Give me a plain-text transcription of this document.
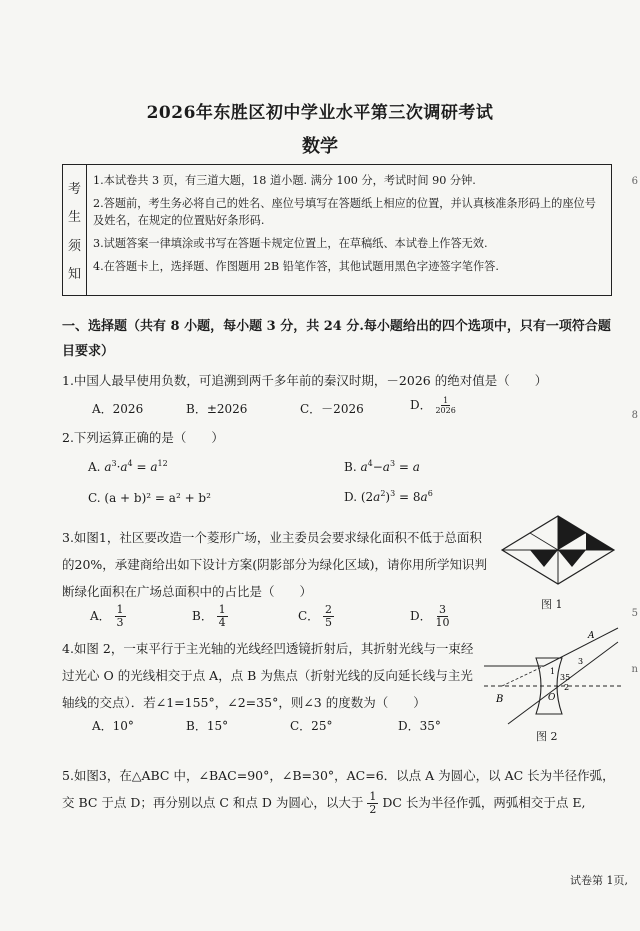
2026年东胜区初中学业水平第三次调研考试
数学
考
生
须
知
1.本试卷共 3 页，有三道大题，18 道小题. 满分 100 分，考试时间 90 分钟.
2.答题前，考生务必将自己的姓名、座位号填写在答题纸上相应的位置，并认真核准条形码上的座位号及姓名，在规定的位置贴好条形码.
3.试题答案一律填涂或书写在答题卡规定位置上，在草稿纸、本试卷上作答无效.
4.在答题卡上，选择题、作图题用 2B 铅笔作答，其他试题用黑色字迹签字笔作答.
一、选择题（共有 8 小题，每小题 3 分，共 24 分.每小题给出的四个选项中，只有一项符合题目要求）
1.中国人最早使用负数，可追溯到两千多年前的秦汉时期，－2026 的绝对值是（　　）
A．2026	B．±2026	C．－2026	D． $\frac{1}{2026}$
2.下列运算正确的是（　　）
A. $a^3\cdot a^4 = a^{12}$	B. $a^4-a^3 = a$
C. (a + b)² = a² + b²	D. $(2a^2)^3 = 8a^6$
3.如图1，社区要改造一个菱形广场，业主委员会要求绿化面积不低于总面积的20%，承建商给出如下设计方案(阴影部分为绿化区域)，请你用所学知识判断绿化面积在广场总面积中的占比是（　　）
A． $\frac{1}{3}$	B． $\frac{1}{4}$	C． $\frac{2}{5}$	D． $\frac{3}{10}$	图 1
4.如图 2，一束平行于主光轴的光线经凹透镜折射后，其折射光线与一束经过光心 O 的光线相交于点 A，点 B 为焦点（折射光线的反向延长线与主光轴线的交点）．若∠1=155°，∠2=35°，则∠3 的度数为（　　）
A．10°	B．15°	C．25°	D．35°
B
A
O
1
2
3
35
图 2
5.如图3，在△ABC 中，∠BAC=90°，∠B=30°，AC=6．以点 A 为圆心，以 AC 长为半径作弧，交 BC 于点 D；再分别以点 C 和点 D 为圆心，以大于 $\frac{1}{2}$ DC 长为半径作弧，两弧相交于点 E,
试卷第 1页,
6
8
5
n
